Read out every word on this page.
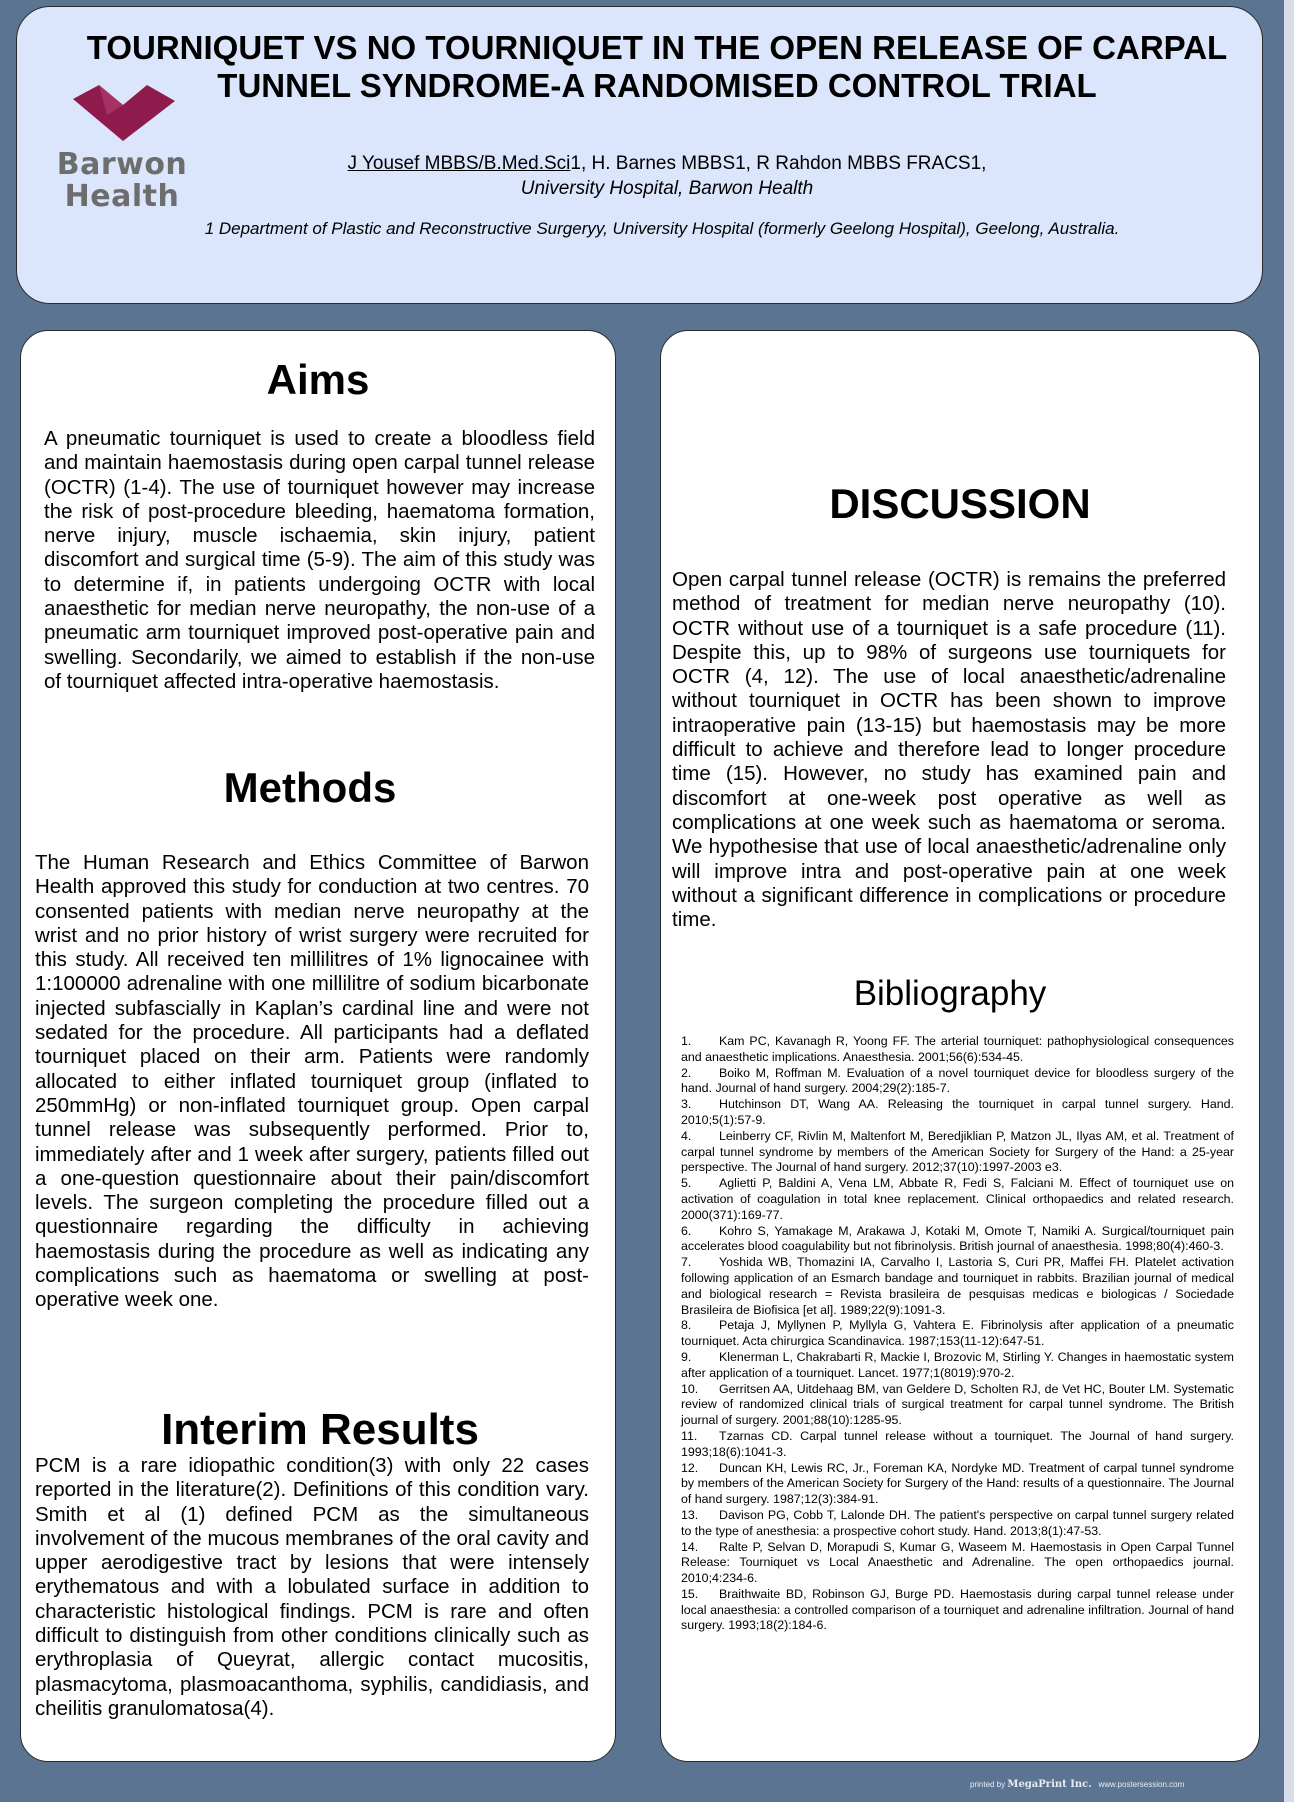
TOURNIQUET VS NO TOURNIQUET IN THE OPEN RELEASE OF CARPAL
TUNNEL SYNDROME-A RANDOMISED CONTROL TRIAL
Barwon
Health
J Yousef MBBS/B.Med.Sci1, H. Barnes MBBS1, R Rahdon MBBS FRACS1,
University Hospital, Barwon Health
1 Department of Plastic and Reconstructive Surgeryy, University Hospital (formerly Geelong Hospital), Geelong, Australia.
Aims
A pneumatic tourniquet is used to create a bloodless field and maintain haemostasis during open carpal tunnel release (OCTR) (1-4). The use of tourniquet however may increase the risk of post-procedure bleeding, haematoma formation, nerve injury, muscle ischaemia, skin injury, patient discomfort and surgical time (5-9). The aim of this study was to determine if, in patients undergoing OCTR with local anaesthetic for median nerve neuropathy, the non-use of a pneumatic arm tourniquet improved post-operative pain and swelling. Secondarily, we aimed to establish if the non-use of tourniquet affected intra-operative haemostasis.
Methods
The Human Research and Ethics Committee of Barwon Health approved this study for conduction at two centres. 70 consented patients with median nerve neuropathy at the wrist and no prior history of wrist surgery were recruited for this study. All received ten millilitres of 1% lignocainee with 1:100000 adrenaline with one millilitre of sodium bicarbonate injected subfascially in Kaplan’s cardinal line and were not sedated for the procedure. All participants had a deflated tourniquet placed on their arm. Patients were randomly allocated to either inflated tourniquet group (inflated to 250mmHg) or non-inflated tourniquet group. Open carpal tunnel release was subsequently performed. Prior to, immediately after and 1 week after surgery, patients filled out a one-question questionnaire about their pain/discomfort levels. The surgeon completing the procedure filled out a questionnaire regarding the difficulty in achieving haemostasis during the procedure as well as indicating any complications such as haematoma or swelling at post-operative week one.
Interim Results
PCM is a rare idiopathic condition(3) with only 22 cases reported in the literature(2). Definitions of this condition vary. Smith et al (1) defined PCM as the simultaneous involvement of the mucous membranes of the oral cavity and upper aerodigestive tract by lesions that were intensely erythematous and with a lobulated surface in addition to characteristic histological findings. PCM is rare and often difficult to distinguish from other conditions clinically such as erythroplasia of Queyrat, allergic contact mucositis, plasmacytoma, plasmoacanthoma, syphilis, candidiasis, and cheilitis granulomatosa(4).
DISCUSSION
Open carpal tunnel release (OCTR) is remains the preferred method of treatment for median nerve neuropathy (10). OCTR without use of a tourniquet is a safe procedure (11). Despite this, up to 98% of surgeons use tourniquets for OCTR (4, 12). The use of local anaesthetic/adrenaline without tourniquet in OCTR has been shown to improve intraoperative pain (13-15) but haemostasis may be more difficult to achieve and therefore lead to longer procedure time (15). However, no study has examined pain and discomfort at one-week post operative as well as complications at one week such as haematoma or seroma. We hypothesise that use of local anaesthetic/adrenaline only will improve intra and post-operative pain at one week without a significant difference in complications or procedure time.
Bibliography
1. Kam PC, Kavanagh R, Yoong FF. The arterial tourniquet: pathophysiological consequences and anaesthetic implications. Anaesthesia. 2001;56(6):534-45.
2. Boiko M, Roffman M. Evaluation of a novel tourniquet device for bloodless surgery of the hand. Journal of hand surgery. 2004;29(2):185-7.
3. Hutchinson DT, Wang AA. Releasing the tourniquet in carpal tunnel surgery. Hand. 2010;5(1):57-9.
4. Leinberry CF, Rivlin M, Maltenfort M, Beredjiklian P, Matzon JL, Ilyas AM, et al. Treatment of carpal tunnel syndrome by members of the American Society for Surgery of the Hand: a 25-year perspective. The Journal of hand surgery. 2012;37(10):1997-2003 e3.
5. Aglietti P, Baldini A, Vena LM, Abbate R, Fedi S, Falciani M. Effect of tourniquet use on activation of coagulation in total knee replacement. Clinical orthopaedics and related research. 2000(371):169-77.
6. Kohro S, Yamakage M, Arakawa J, Kotaki M, Omote T, Namiki A. Surgical/tourniquet pain accelerates blood coagulability but not fibrinolysis. British journal of anaesthesia. 1998;80(4):460-3.
7. Yoshida WB, Thomazini IA, Carvalho I, Lastoria S, Curi PR, Maffei FH. Platelet activation following application of an Esmarch bandage and tourniquet in rabbits. Brazilian journal of medical and biological research = Revista brasileira de pesquisas medicas e biologicas / Sociedade Brasileira de Biofisica [et al]. 1989;22(9):1091-3.
8. Petaja J, Myllynen P, Myllyla G, Vahtera E. Fibrinolysis after application of a pneumatic tourniquet. Acta chirurgica Scandinavica. 1987;153(11-12):647-51.
9. Klenerman L, Chakrabarti R, Mackie I, Brozovic M, Stirling Y. Changes in haemostatic system after application of a tourniquet. Lancet. 1977;1(8019):970-2.
10. Gerritsen AA, Uitdehaag BM, van Geldere D, Scholten RJ, de Vet HC, Bouter LM. Systematic review of randomized clinical trials of surgical treatment for carpal tunnel syndrome. The British journal of surgery. 2001;88(10):1285-95.
11. Tzarnas CD. Carpal tunnel release without a tourniquet. The Journal of hand surgery. 1993;18(6):1041-3.
12. Duncan KH, Lewis RC, Jr., Foreman KA, Nordyke MD. Treatment of carpal tunnel syndrome by members of the American Society for Surgery of the Hand: results of a questionnaire. The Journal of hand surgery. 1987;12(3):384-91.
13. Davison PG, Cobb T, Lalonde DH. The patient's perspective on carpal tunnel surgery related to the type of anesthesia: a prospective cohort study. Hand. 2013;8(1):47-53.
14. Ralte P, Selvan D, Morapudi S, Kumar G, Waseem M. Haemostasis in Open Carpal Tunnel Release: Tourniquet vs Local Anaesthetic and Adrenaline. The open orthopaedics journal. 2010;4:234-6.
15. Braithwaite BD, Robinson GJ, Burge PD. Haemostasis during carpal tunnel release under local anaesthesia: a controlled comparison of a tourniquet and adrenaline infiltration. Journal of hand surgery. 1993;18(2):184-6.
printed by MegaPrint Inc. www.postersession.com
